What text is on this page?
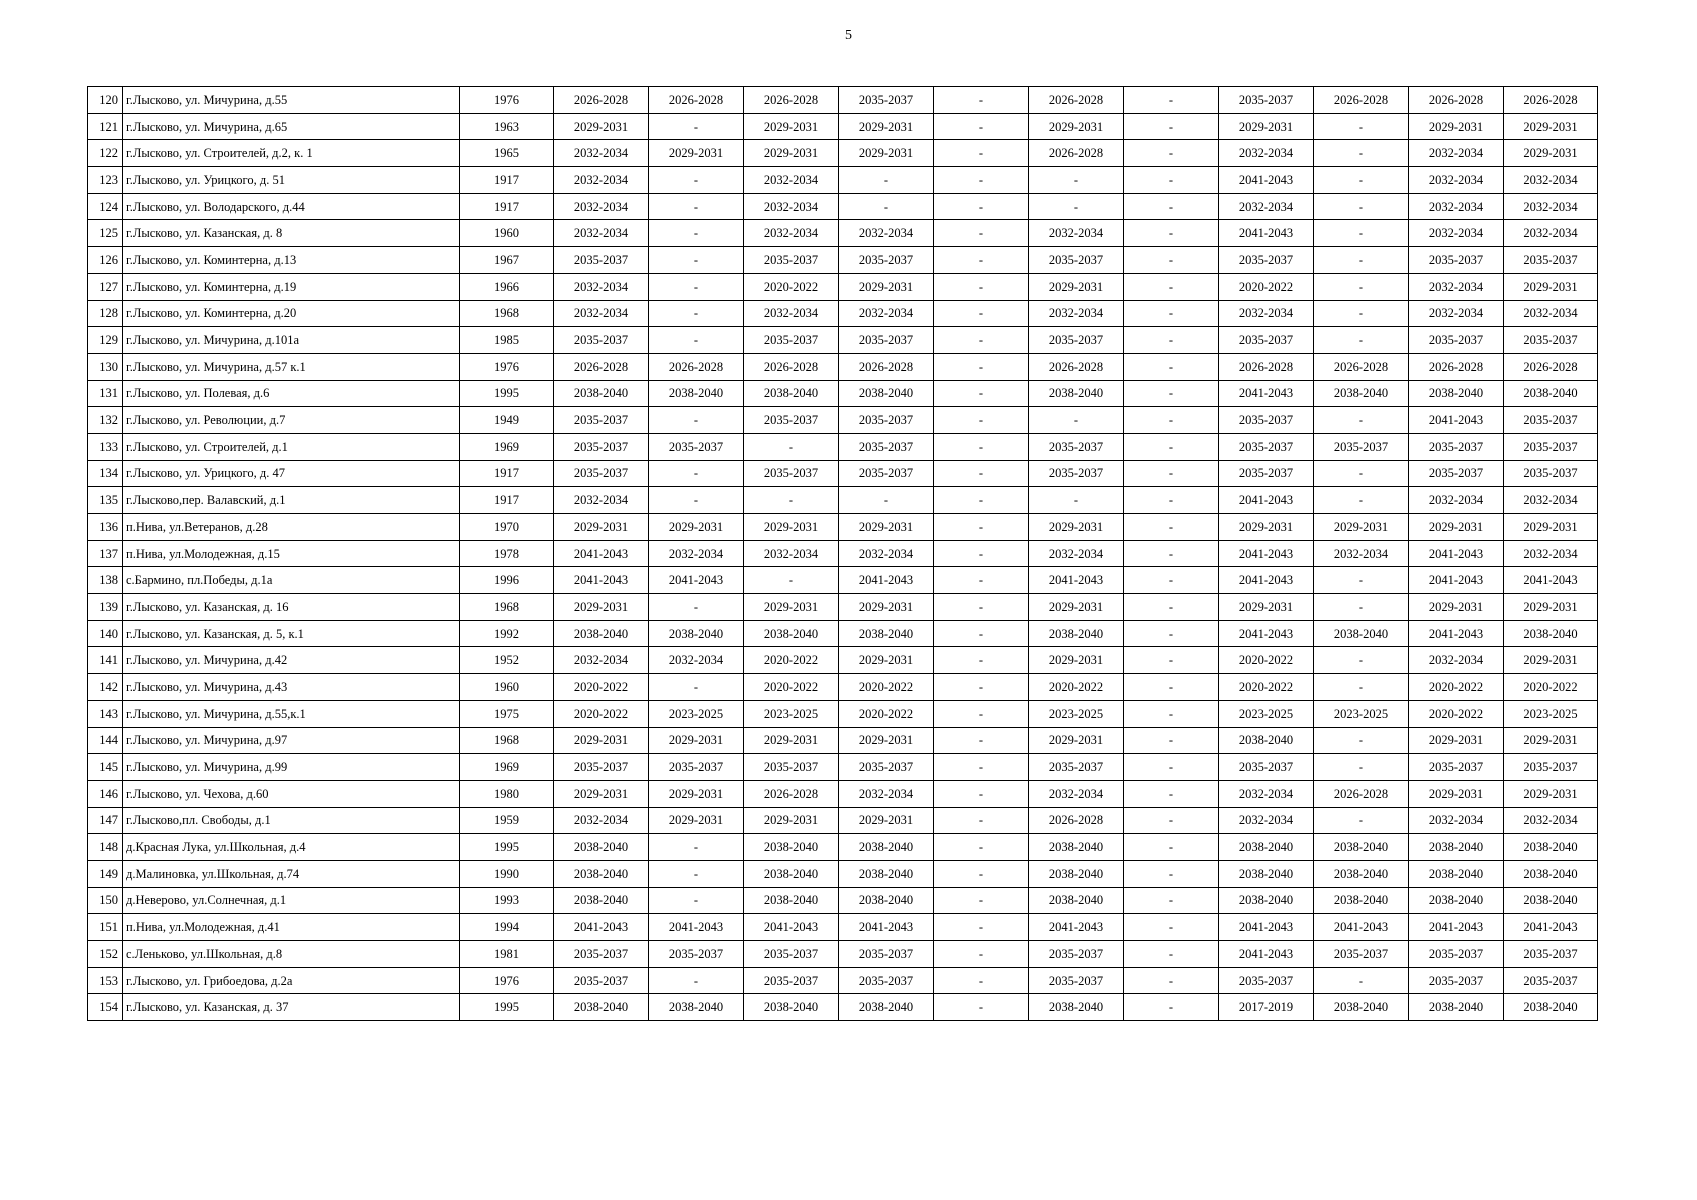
5
120	г.Лысково, ул. Мичурина, д.55	1976	2026-2028	2026-2028	2026-2028	2035-2037	-	2026-2028	-	2035-2037	2026-2028	2026-2028	2026-2028
121	г.Лысково, ул. Мичурина, д.65	1963	2029-2031	-	2029-2031	2029-2031	-	2029-2031	-	2029-2031	-	2029-2031	2029-2031
122	г.Лысково, ул. Строителей, д.2, к. 1	1965	2032-2034	2029-2031	2029-2031	2029-2031	-	2026-2028	-	2032-2034	-	2032-2034	2029-2031
123	г.Лысково, ул. Урицкого, д. 51	1917	2032-2034	-	2032-2034	-	-	-	-	2041-2043	-	2032-2034	2032-2034
124	г.Лысково, ул. Володарского, д.44	1917	2032-2034	-	2032-2034	-	-	-	-	2032-2034	-	2032-2034	2032-2034
125	г.Лысково, ул. Казанская, д. 8	1960	2032-2034	-	2032-2034	2032-2034	-	2032-2034	-	2041-2043	-	2032-2034	2032-2034
126	г.Лысково, ул. Коминтерна, д.13	1967	2035-2037	-	2035-2037	2035-2037	-	2035-2037	-	2035-2037	-	2035-2037	2035-2037
127	г.Лысково, ул. Коминтерна, д.19	1966	2032-2034	-	2020-2022	2029-2031	-	2029-2031	-	2020-2022	-	2032-2034	2029-2031
128	г.Лысково, ул. Коминтерна, д.20	1968	2032-2034	-	2032-2034	2032-2034	-	2032-2034	-	2032-2034	-	2032-2034	2032-2034
129	г.Лысково, ул. Мичурина, д.101а	1985	2035-2037	-	2035-2037	2035-2037	-	2035-2037	-	2035-2037	-	2035-2037	2035-2037
130	г.Лысково, ул. Мичурина, д.57 к.1	1976	2026-2028	2026-2028	2026-2028	2026-2028	-	2026-2028	-	2026-2028	2026-2028	2026-2028	2026-2028
131	г.Лысково, ул. Полевая, д.6	1995	2038-2040	2038-2040	2038-2040	2038-2040	-	2038-2040	-	2041-2043	2038-2040	2038-2040	2038-2040
132	г.Лысково, ул. Революции, д.7	1949	2035-2037	-	2035-2037	2035-2037	-	-	-	2035-2037	-	2041-2043	2035-2037
133	г.Лысково, ул. Строителей, д.1	1969	2035-2037	2035-2037	-	2035-2037	-	2035-2037	-	2035-2037	2035-2037	2035-2037	2035-2037
134	г.Лысково, ул. Урицкого, д. 47	1917	2035-2037	-	2035-2037	2035-2037	-	2035-2037	-	2035-2037	-	2035-2037	2035-2037
135	г.Лысково,пер. Валавский, д.1	1917	2032-2034	-	-	-	-	-	-	2041-2043	-	2032-2034	2032-2034
136	п.Нива, ул.Ветеранов, д.28	1970	2029-2031	2029-2031	2029-2031	2029-2031	-	2029-2031	-	2029-2031	2029-2031	2029-2031	2029-2031
137	п.Нива, ул.Молодежная, д.15	1978	2041-2043	2032-2034	2032-2034	2032-2034	-	2032-2034	-	2041-2043	2032-2034	2041-2043	2032-2034
138	с.Бармино, пл.Победы, д.1а	1996	2041-2043	2041-2043	-	2041-2043	-	2041-2043	-	2041-2043	-	2041-2043	2041-2043
139	г.Лысково, ул. Казанская, д. 16	1968	2029-2031	-	2029-2031	2029-2031	-	2029-2031	-	2029-2031	-	2029-2031	2029-2031
140	г.Лысково, ул. Казанская, д. 5, к.1	1992	2038-2040	2038-2040	2038-2040	2038-2040	-	2038-2040	-	2041-2043	2038-2040	2041-2043	2038-2040
141	г.Лысково, ул. Мичурина, д.42	1952	2032-2034	2032-2034	2020-2022	2029-2031	-	2029-2031	-	2020-2022	-	2032-2034	2029-2031
142	г.Лысково, ул. Мичурина, д.43	1960	2020-2022	-	2020-2022	2020-2022	-	2020-2022	-	2020-2022	-	2020-2022	2020-2022
143	г.Лысково, ул. Мичурина, д.55,к.1	1975	2020-2022	2023-2025	2023-2025	2020-2022	-	2023-2025	-	2023-2025	2023-2025	2020-2022	2023-2025
144	г.Лысково, ул. Мичурина, д.97	1968	2029-2031	2029-2031	2029-2031	2029-2031	-	2029-2031	-	2038-2040	-	2029-2031	2029-2031
145	г.Лысково, ул. Мичурина, д.99	1969	2035-2037	2035-2037	2035-2037	2035-2037	-	2035-2037	-	2035-2037	-	2035-2037	2035-2037
146	г.Лысково, ул. Чехова, д.60	1980	2029-2031	2029-2031	2026-2028	2032-2034	-	2032-2034	-	2032-2034	2026-2028	2029-2031	2029-2031
147	г.Лысково,пл. Свободы, д.1	1959	2032-2034	2029-2031	2029-2031	2029-2031	-	2026-2028	-	2032-2034	-	2032-2034	2032-2034
148	д.Красная Лука, ул.Школьная, д.4	1995	2038-2040	-	2038-2040	2038-2040	-	2038-2040	-	2038-2040	2038-2040	2038-2040	2038-2040
149	д.Малиновка, ул.Школьная, д.74	1990	2038-2040	-	2038-2040	2038-2040	-	2038-2040	-	2038-2040	2038-2040	2038-2040	2038-2040
150	д.Неверово, ул.Солнечная, д.1	1993	2038-2040	-	2038-2040	2038-2040	-	2038-2040	-	2038-2040	2038-2040	2038-2040	2038-2040
151	п.Нива, ул.Молодежная, д.41	1994	2041-2043	2041-2043	2041-2043	2041-2043	-	2041-2043	-	2041-2043	2041-2043	2041-2043	2041-2043
152	с.Леньково, ул.Школьная, д.8	1981	2035-2037	2035-2037	2035-2037	2035-2037	-	2035-2037	-	2041-2043	2035-2037	2035-2037	2035-2037
153	г.Лысково, ул. Грибоедова, д.2а	1976	2035-2037	-	2035-2037	2035-2037	-	2035-2037	-	2035-2037	-	2035-2037	2035-2037
154	г.Лысково, ул. Казанская, д. 37	1995	2038-2040	2038-2040	2038-2040	2038-2040	-	2038-2040	-	2017-2019	2038-2040	2038-2040	2038-2040
